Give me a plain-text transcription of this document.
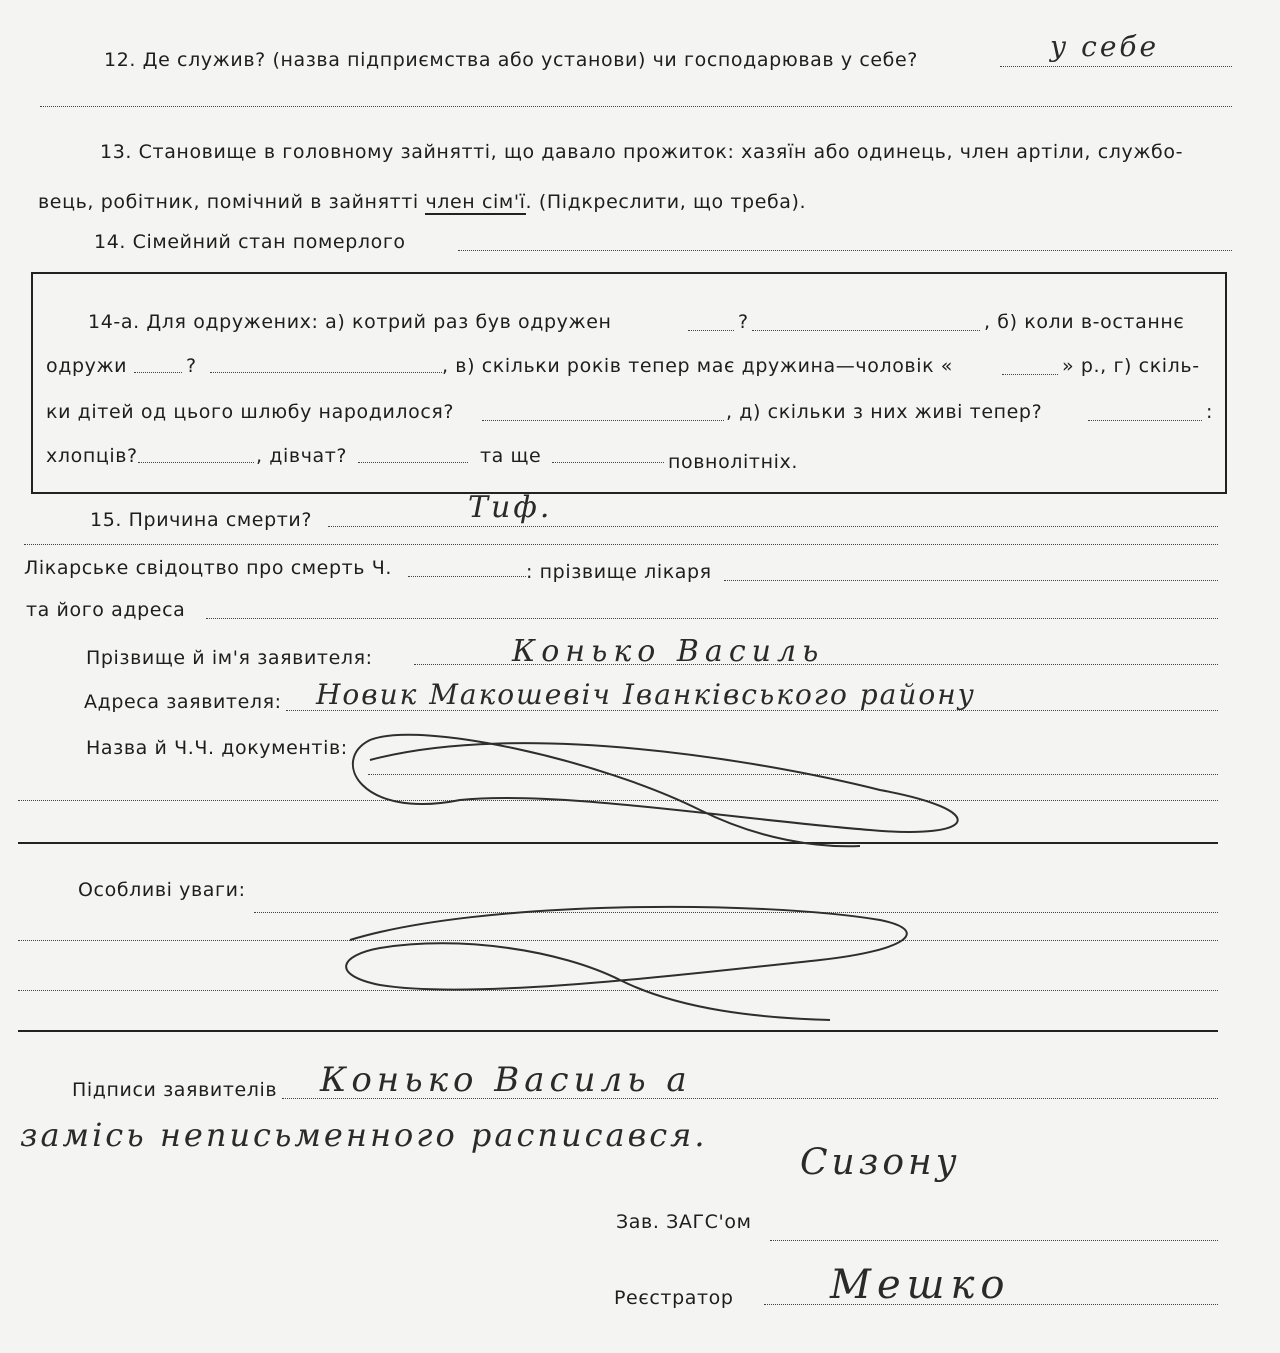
12. Де служив? (назва підприємства або установи) чи господарював у себе?	у себе
13. Становище в головному зайнятті, що давало прожиток: хазяїн або одинець, член артіли, службо-
вець, робітник, помічний в зайнятті член сім'ї. (Підкреслити, що треба).
14. Сімейний стан померлого
14-а. Для одружених: а) котрий раз був одружен	?	, б) коли в-останнє
одружи	?	, в) скільки років тепер має дружина—чоловік «	» р., г) скіль-
ки дітей од цього шлюбу народилося?	, д) скільки з них живі тепер?	:
хлопців?	, дівчат?	та ще	повнолітніх.
15. Причина смерти?	Тиф.
Лікарське свідоцтво про смерть Ч.	: прізвище лікаря
та його адреса
Прізвище й ім'я заявителя:	Конько Василь
Адреса заявителя: Новик Макошевіч Іванківського району
Назва й Ч.Ч. документів:
Особливі уваги:
Підписи заявителів Конько Василь а
замісь неписьменного расписався.
Сизону
Зав. ЗАГС'ом
Реєстратор Мешко
